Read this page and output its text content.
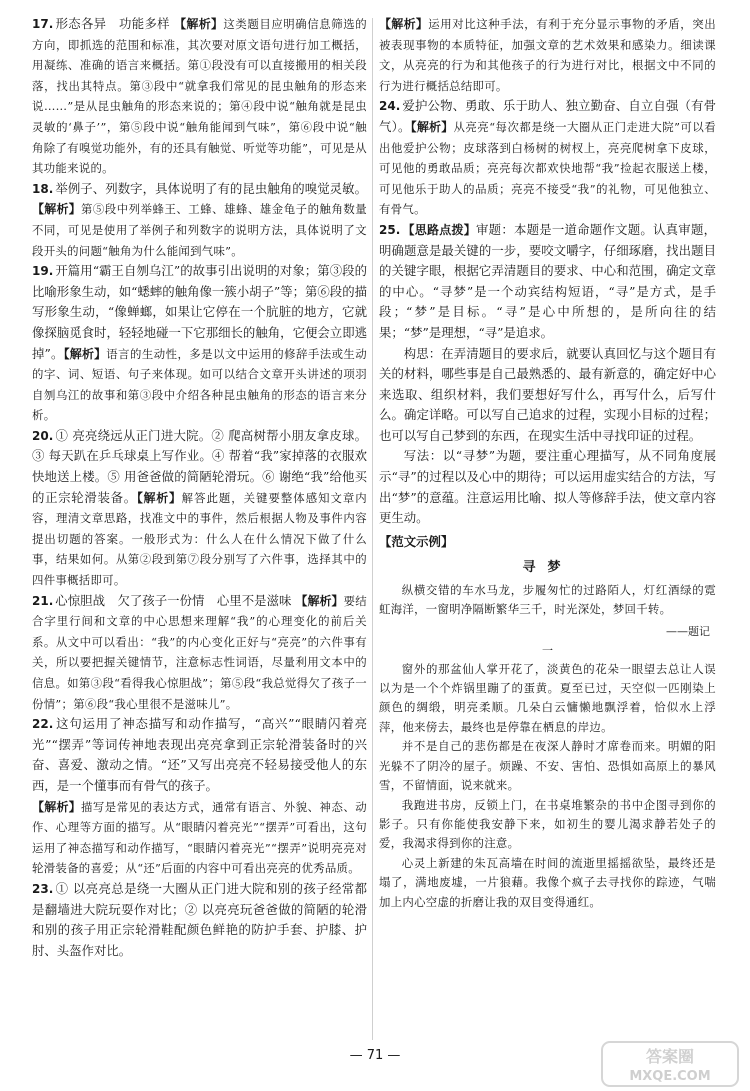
17. 形态各异　功能多样 【解析】这类题目应明确信息筛选的方向，即抓选的范围和标准，其次要对原文语句进行加工概括，用凝练、准确的语言来概括。第①段没有可以直接搬用的相关段落，找出其特点。第③段中“就拿我们常见的昆虫触角的形态来说……”是从昆虫触角的形态来说的；第④段中说“触角就是昆虫灵敏的‘鼻子’”，第⑤段中说“触角能闻到气味”，第⑥段中说“触角除了有嗅觉功能外，有的还具有触觉、听觉等功能”，可见是从其功能来说的。

18. 举例子、列数字，具体说明了有的昆虫触角的嗅觉灵敏。【解析】第⑤段中列举蜂王、工蜂、雄蜂、雄金龟子的触角数量不同，可见是使用了举例子和列数字的说明方法，具体说明了文段开头的问题“触角为什么能闻到气味”。

19. 开篇用“霸王自刎乌江”的故事引出说明的对象；第③段的比喻形象生动，如“蟋蟀的触角像一簇小胡子”等；第⑥段的描写形象生动，“像蝉螂，如果让它停在一个肮脏的地方，它就像探脑觅食时，轻轻地碰一下它那细长的触角，它便会立即逃掉”。【解析】语言的生动性，多是以文中运用的修辞手法或生动的字、词、短语、句子来体现。如可以结合文章开头讲述的项羽自刎乌江的故事和第③段中介绍各种昆虫触角的形态的语言来分析。

20. ① 亮亮绕远从正门进大院。② 爬高树帮小朋友拿皮球。③ 每天趴在乒乓球桌上写作业。④ 帮着“我”家掉落的衣服欢快地送上楼。⑤ 用爸爸做的简陋轮滑玩。⑥ 谢绝“我”给他买的正宗轮滑装备。【解析】解答此题，关键要整体感知文章内容，理清文章思路，找准文中的事件，然后根据人物及事件内容提出切题的答案。一般形式为：什么人在什么情况下做了什么事，结果如何。从第②段到第⑦段分别写了六件事，选择其中的四件事概括即可。

21. 心惊胆战　欠了孩子一份情　心里不是滋味 【解析】要结合字里行间和文章的中心思想来理解“我”的心理变化的前后关系。从文中可以看出：“我”的内心变化正好与“亮亮”的六件事有关，所以要把握关键情节，注意标志性词语，尽量利用文本中的信息。如第③段“看得我心惊胆战”；第⑤段“我总觉得欠了孩子一份情”；第⑥段“我心里很不是滋味儿”。

22. 这句运用了神态描写和动作描写，“高兴”“眼睛闪着亮光”“摆弄”等词传神地表现出亮亮拿到正宗轮滑装备时的兴奋、喜爱、激动之情。“还”又写出亮亮不轻易接受他人的东西，是一个懂事而有骨气的孩子。
【解析】描写是常见的表达方式，通常有语言、外貌、神态、动作、心理等方面的描写。从“眼睛闪着亮光”“摆弄”可看出，这句运用了神态描写和动作描写，“眼睛闪着亮光”“摆弄”说明亮亮对轮滑装备的喜爱；从“还”后面的内容中可看出亮亮的优秀品质。

23. ① 以亮亮总是绕一大圈从正门进大院和别的孩子经常都是翻墙进大院玩耍作对比；② 以亮亮玩爸爸做的简陋的轮滑和别的孩子用正宗轮滑鞋配颜色鲜艳的防护手套、护膝、护肘、头盔作对比。

【解析】运用对比这种手法，有利于充分显示事物的矛盾，突出被表现事物的本质特征，加强文章的艺术效果和感染力。细读课文，从亮亮的行为和其他孩子的行为进行对比，根据文中不同的行为进行概括总结即可。

24. 爱护公物、勇敢、乐于助人、独立勤奋、自立自强（有骨气）。【解析】从亮亮“每次都是绕一大圈从正门走进大院”可以看出他爱护公物；皮球落到白杨树的树杈上，亮亮爬树拿下皮球，可见他的勇敢品质；亮亮每次都欢快地帮“我”捡起衣服送上楼，可见他乐于助人的品质；亮亮不接受“我”的礼物，可见他独立、有骨气。

25. 【思路点拨】审题：本题是一道命题作文题。认真审题，明确题意是最关键的一步，要咬文嚼字，仔细琢磨，找出题目的关键字眼，根据它弄清题目的要求、中心和范围，确定文章的中心。“寻梦”是一个动宾结构短语，“寻”是方式，是手段；“梦”是目标。“寻”是心中所想的，是所向往的结果；“梦”是理想，“寻”是追求。

构思：在弄清题目的要求后，就要认真回忆与这个题目有关的材料，哪些事是自己最熟悉的、最有新意的，确定好中心来选取、组织材料，我们要想好写什么，再写什么，后写什么。确定详略。可以写自己追求的过程，实现小目标的过程；也可以写自己梦到的东西，在现实生活中寻找印证的过程。

写法：以“寻梦”为题，要注重心理描写，从不同角度展示“寻”的过程以及心中的期待；可以运用虚实结合的方法，写出“梦”的意蕴。注意运用比喻、拟人等修辞手法，使文章内容更生动。

【范文示例】

寻梦

纵横交错的车水马龙，步履匆忙的过路陌人，灯红酒绿的霓虹海洋，一窗明净隔断繁华三千，时光深处，梦回千转。

——题记
一

窗外的那盆仙人掌开花了，淡黄色的花朵一眼望去总让人误以为是一个个炸锅里蹦了的蛋黄。夏至已过，天空似一匹刚染上颜色的绸缎，明亮柔顺。几朵白云慵懒地飘浮着，恰似水上浮萍，他来傍去，最终也是停靠在栖息的岸边。

并不是自己的悲伤都是在夜深人静时才席卷而来。明媚的阳光躲不了阴冷的屋子。烦躁、不安、害怕、恐惧如高原上的暴风雪，不留情面，说来就来。

我跑进书房，反锁上门，在书桌堆繁杂的书中企图寻到你的影子。只有你能使我安静下来，如初生的婴儿渴求静若处子的爱，我渴求得到你的注意。

心灵上新建的朱瓦高墙在时间的流逝里摇摇欲坠，最终还是塌了，满地废墟，一片狼藉。我像个疯子去寻找你的踪迹，气喘加上内心空虚的折磨让我的双目变得通红。

— 71 —	答案圈
MXQE.COM
